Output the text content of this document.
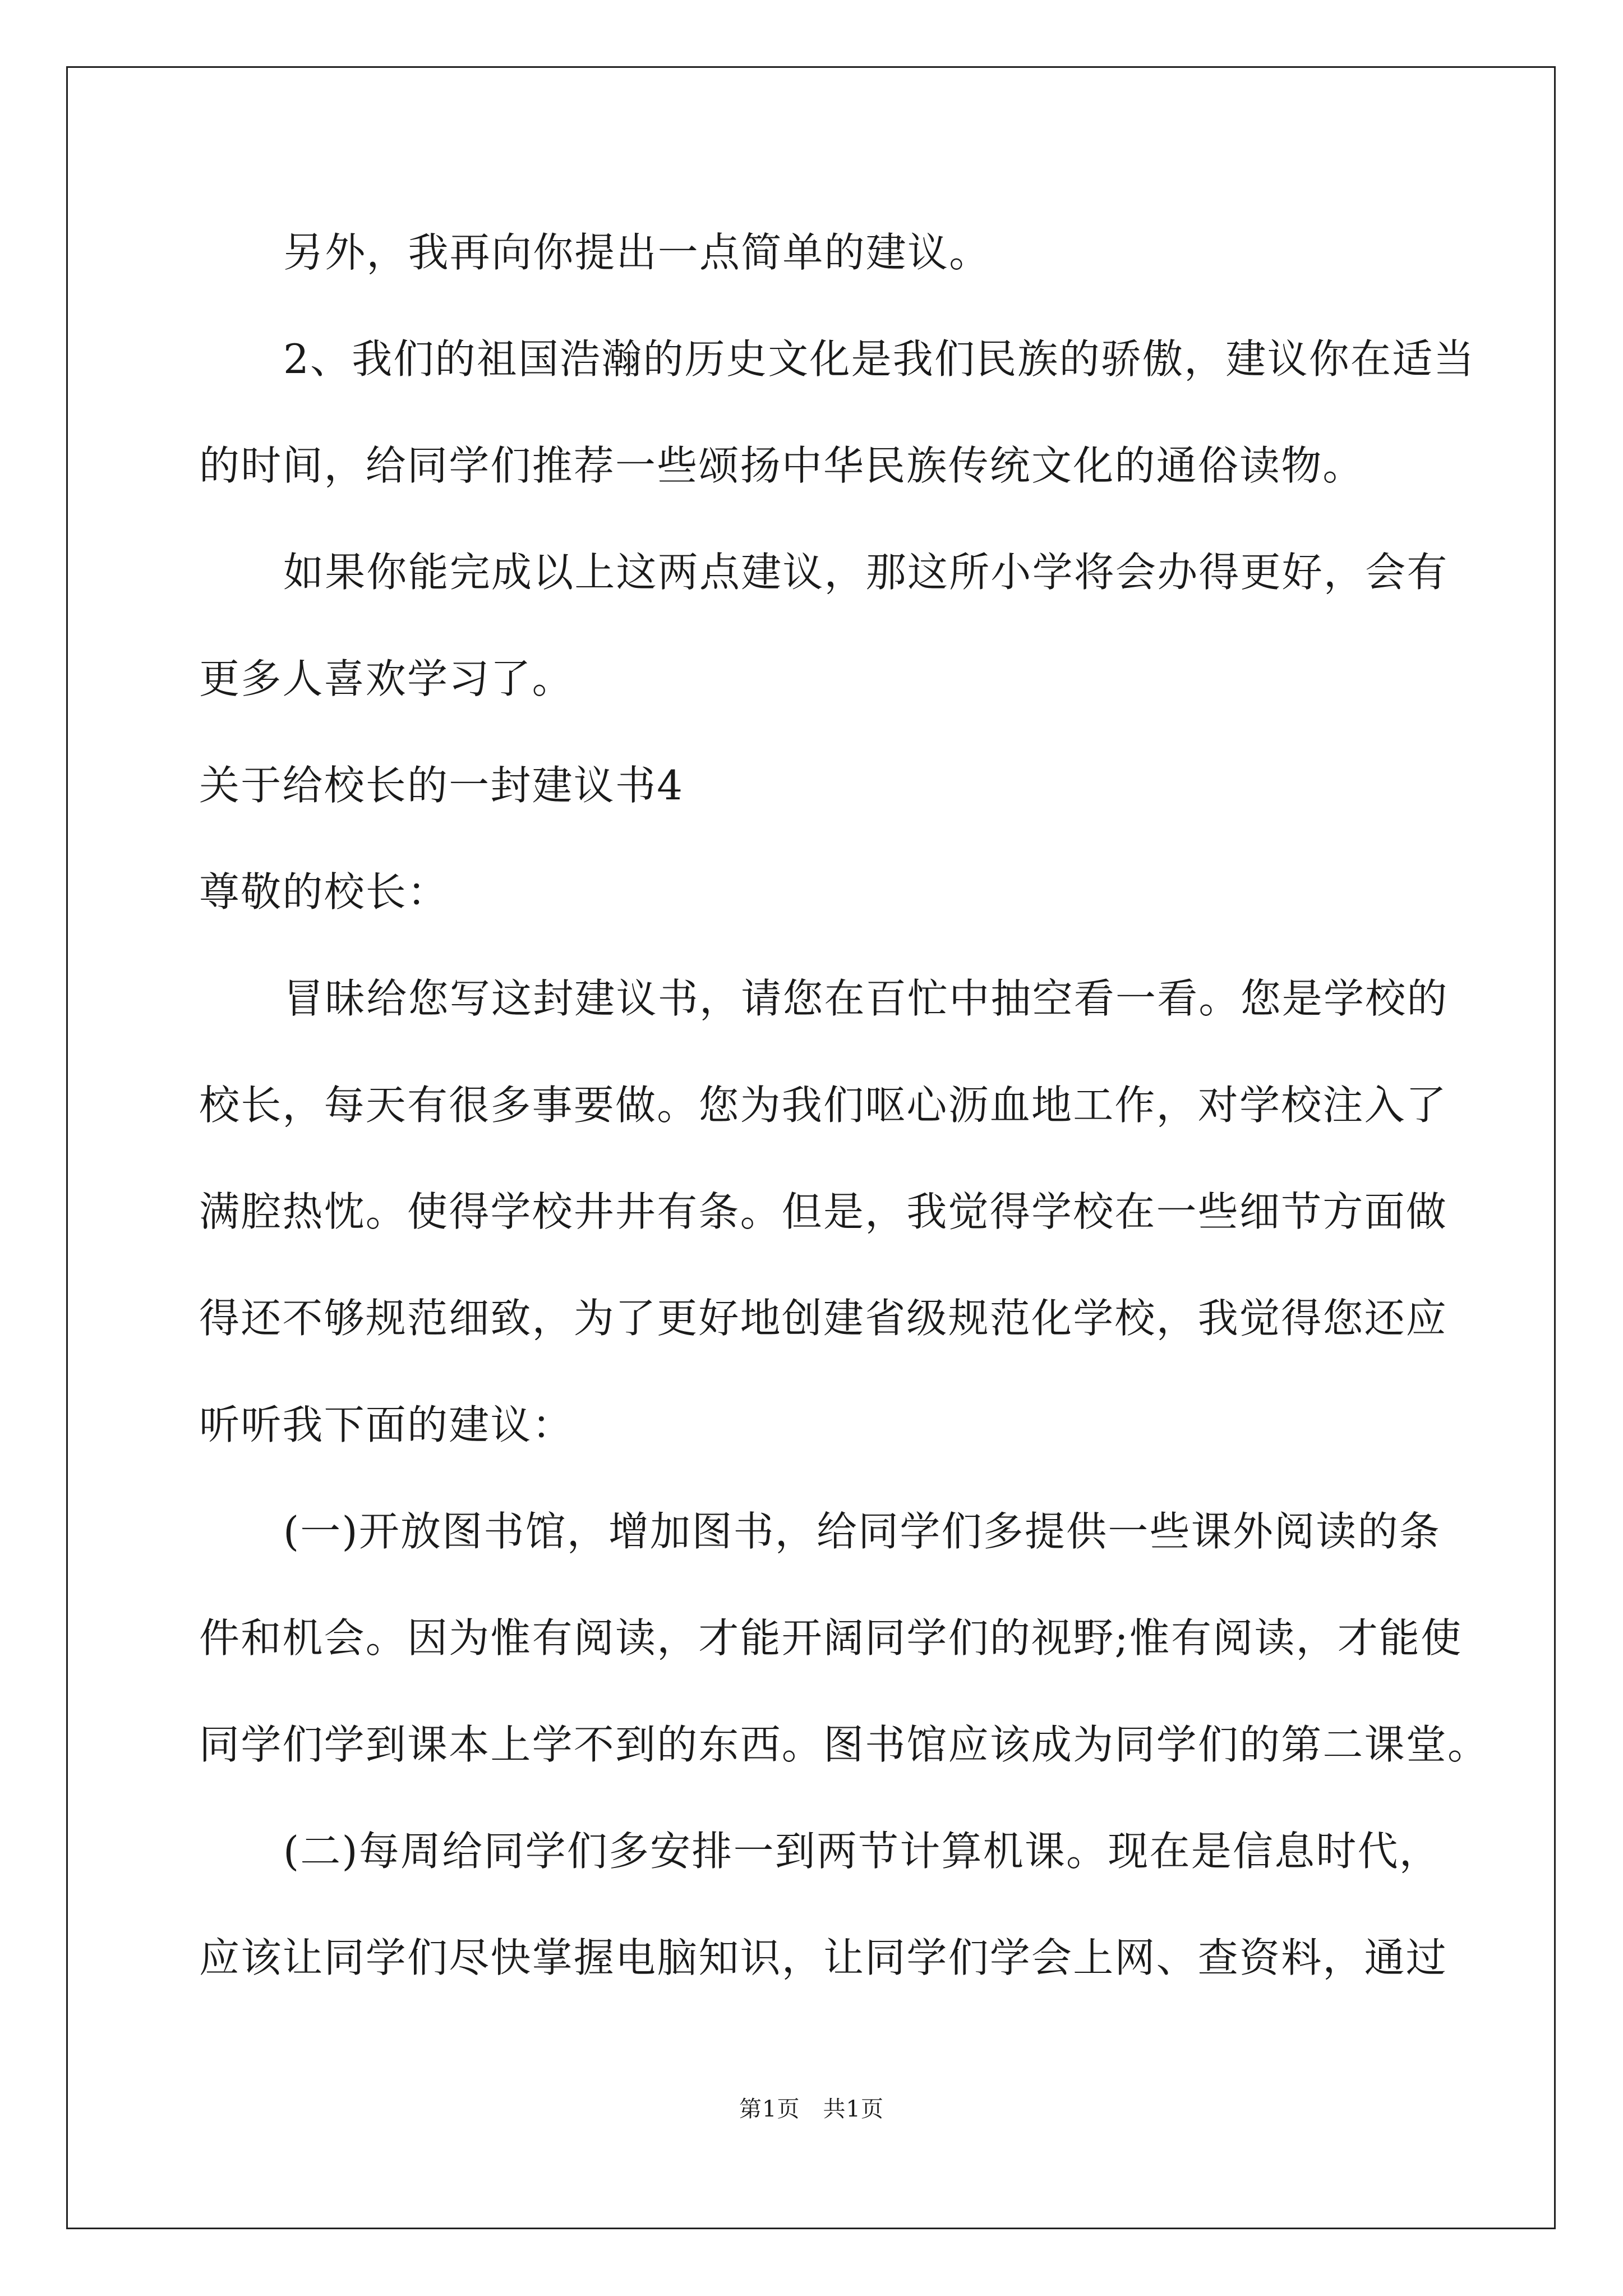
另外，我再向你提出一点简单的建议。
2、我们的祖国浩瀚的历史文化是我们民族的骄傲，建议你在适当
的时间，给同学们推荐一些颂扬中华民族传统文化的通俗读物。
如果你能完成以上这两点建议，那这所小学将会办得更好，会有
更多人喜欢学习了。
关于给校长的一封建议书4
尊敬的校长：
冒昧给您写这封建议书，请您在百忙中抽空看一看。您是学校的
校长，每天有很多事要做。您为我们呕心沥血地工作，对学校注入了
满腔热忱。使得学校井井有条。但是，我觉得学校在一些细节方面做
得还不够规范细致，为了更好地创建省级规范化学校，我觉得您还应
听听我下面的建议：
(一)开放图书馆，增加图书，给同学们多提供一些课外阅读的条
件和机会。因为惟有阅读，才能开阔同学们的视野;惟有阅读，才能使
同学们学到课本上学不到的东西。图书馆应该成为同学们的第二课堂。
(二)每周给同学们多安排一到两节计算机课。现在是信息时代，
应该让同学们尽快掌握电脑知识，让同学们学会上网、查资料，通过
第1页　共1页
